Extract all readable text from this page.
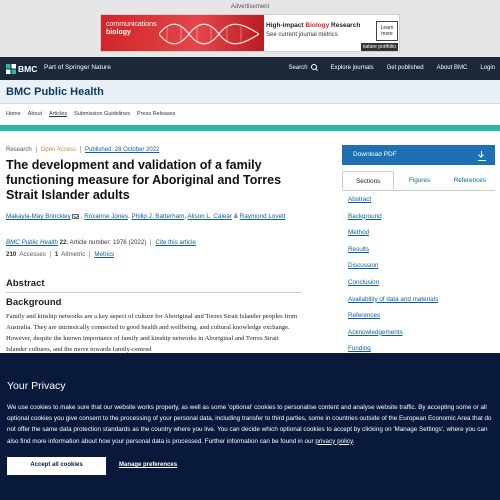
Advertisement
communications
biology
High-impact Biology Research
See current journal metrics
Learn
more
nature portfolio
BMC Part of Springer Nature	Search	Explore journals Get published About BMC Login
BMC Public Health
Home About Articles Submission Guidelines Press Releases
Research Open Access Published: 28 October 2022
The development and validation of a family functioning measure for Aboriginal and Torres Strait Islander adults
Makayla-May Brinckley , Roxanne Jones, Philip J. Batterham, Alison L. Calear & Raymond Lovett
BMC Public Health
22 , Article number: 1976 (2022) Cite this article
210 Accesses 1 Altmetric Metrics
Abstract
Background

Family and kinship networks are a key aspect of culture for Aboriginal and Torres Strait Islander peoples from Australia. They are intrinsically connected to good health and wellbeing, and cultural knowledge exchange. However, despite the known importance of family and kinship networks in Aboriginal and Torres Strait Islander cultures, and the move towards family-centred

Download PDF
Sections	Figures	References
Abstract
Background
Method
Results
Discussion
Conclusion
Availability of data and materials
References
Acknowledgements
Funding
Your Privacy

We use cookies to make sure that our website works properly, as well as some 'optional' cookies to personalise content and analyse website traffic. By accepting some or all optional cookies you give consent to the processing of your personal data, including transfer to third parties, some in countries outside of the European Economic Area that do not offer the same data protection standards as the country where you live. You can decide which optional cookies to accept by clicking on 'Manage Settings', where you can also find more information about how your personal data is processed. Further information can be found in our privacy policy.

Accept all cookies	Manage preferences
